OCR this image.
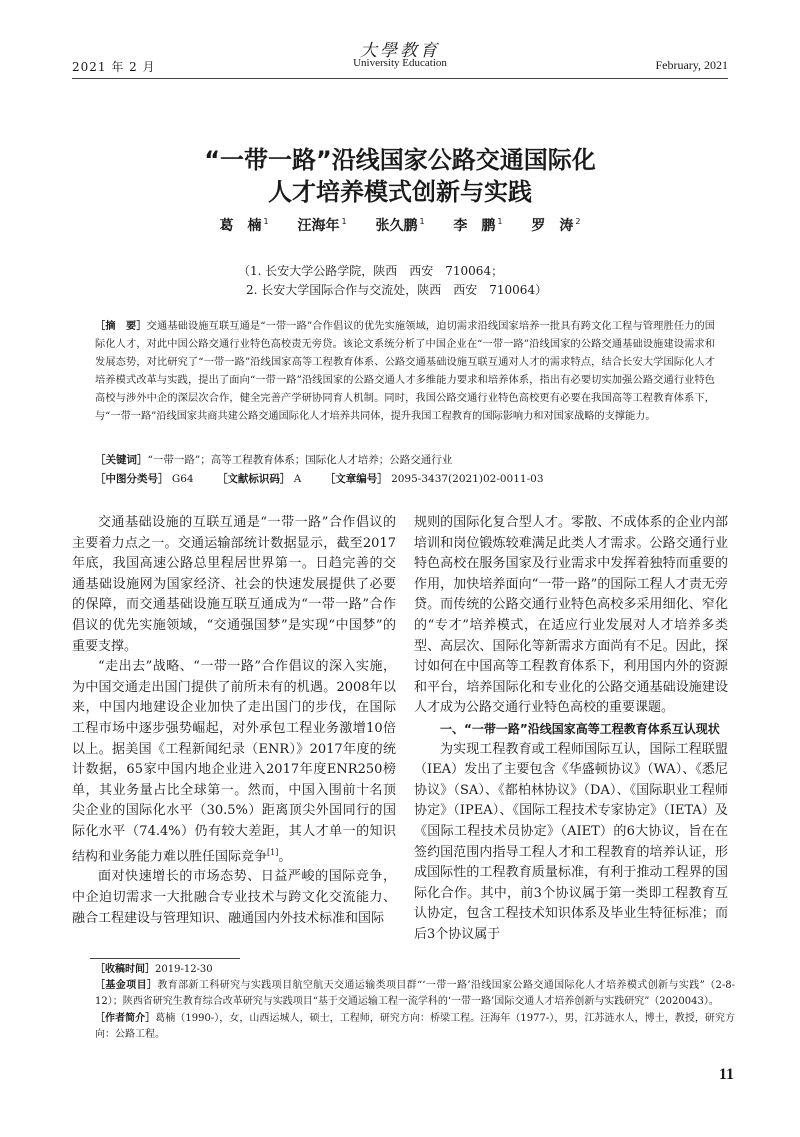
大學教育
University Education
2021 年 2 月	February, 2021
“一带一路”沿线国家公路交通国际化
人才培养模式创新与实践
葛　楠 $^1$ 汪海年 $^1$ 张久鹏 $^1$ 李　鹏 $^1$ 罗　涛 $^2$
（1. 长安大学公路学院，陕西　西安　710064；
2. 长安大学国际合作与交流处，陕西　西安　710064）
［摘　要］交通基础设施互联互通是“一带一路”合作倡议的优先实施领域，迫切需求沿线国家培养一批具有跨文化工程与管理胜任力的国际化人才，对此中国公路交通行业特色高校责无旁贷。该论文系统分析了中国企业在“一带一路”沿线国家的公路交通基础设施建设需求和发展态势，对比研究了“一带一路”沿线国家高等工程教育体系、公路交通基础设施互联互通对人才的需求特点，结合长安大学国际化人才培养模式改革与实践，提出了面向“一带一路”沿线国家的公路交通人才多维能力要求和培养体系，指出有必要切实加强公路交通行业特色高校与涉外中企的深层次合作，健全完善产学研协同育人机制。同时，我国公路交通行业特色高校更有必要在我国高等工程教育体系下，与“一带一路”沿线国家共商共建公路交通国际化人才培养共同体，提升我国工程教育的国际影响力和对国家战略的支撑能力。
［关键词］“一带一路”；高等工程教育体系；国际化人才培养；公路交通行业
［中图分类号］ G64 ［文献标识码］ A ［文章编号］ 2095-3437(2021)02-0011-03

交通基础设施的互联互通是“一带一路”合作倡议的主要着力点之一。交通运输部统计数据显示，截至2017年底，我国高速公路总里程居世界第一。日趋完善的交通基础设施网为国家经济、社会的快速发展提供了必要的保障，而交通基础设施互联互通成为“一带一路”合作倡议的优先实施领域，“交通强国梦”是实现“中国梦”的重要支撑。

“走出去”战略、“一带一路”合作倡议的深入实施，为中国交通走出国门提供了前所未有的机遇。2008年以来，中国内地建设企业加快了走出国门的步伐，在国际工程市场中逐步强势崛起，对外承包工程业务激增10倍以上。据美国《工程新闻纪录（ENR）》2017年度的统计数据，65家中国内地企业进入2017年度ENR250榜单，其业务量占比全球第一。然而，中国入围前十名顶尖企业的国际化水平（30.5%）距离顶尖外国同行的国际化水平（74.4%）仍有较大差距，其人才单一的知识结构和业务能力难以胜任国际竞争[1]。

面对快速增长的市场态势、日益严峻的国际竞争，中企迫切需求一大批融合专业技术与跨文化交流能力、融合工程建设与管理知识、融通国内外技术标准和国际

规则的国际化复合型人才。零散、不成体系的企业内部培训和岗位锻炼较难满足此类人才需求。公路交通行业特色高校在服务国家及行业需求中发挥着独特而重要的作用，加快培养面向“一带一路”的国际工程人才责无旁贷。而传统的公路交通行业特色高校多采用细化、窄化的“专才”培养模式，在适应行业发展对人才培养多类型、高层次、国际化等新需求方面尚有不足。因此，探讨如何在中国高等工程教育体系下，利用国内外的资源和平台，培养国际化和专业化的公路交通基础设施建设人才成为公路交通行业特色高校的重要课题。

一、“一带一路”沿线国家高等工程教育体系互认现状

为实现工程教育或工程师国际互认，国际工程联盟（IEA）发出了主要包含《华盛顿协议》（WA）、《悉尼协议》（SA）、《都柏林协议》（DA）、《国际职业工程师协定》（IPEA）、《国际工程技术专家协定》（IETA）及《国际工程技术员协定》（AIET）的6大协议，旨在在签约国范围内指导工程人才和工程教育的培养认证，形成国际性的工程教育质量标准，有利于推动工程界的国际化合作。其中，前3个协议属于第一类即工程教育互认协定，包含工程技术知识体系及毕业生特征标准；而后3个协议属于

［收稿时间］2019-12-30
［基金项目］教育部新工科研究与实践项目航空航天交通运输类项目群“‘一带一路’沿线国家公路交通国际化人才培养模式创新与实践”（2-8-12）；陕西省研究生教育综合改革研究与实践项目“基于交通运输工程一流学科的‘一带一路’国际交通人才培养创新与实践研究”（2020043）。
［作者简介］葛楠（1990-），女，山西运城人，硕士，工程师，研究方向：桥梁工程。汪海年（1977-），男，江苏涟水人，博士，教授，研究方向：公路工程。
11
